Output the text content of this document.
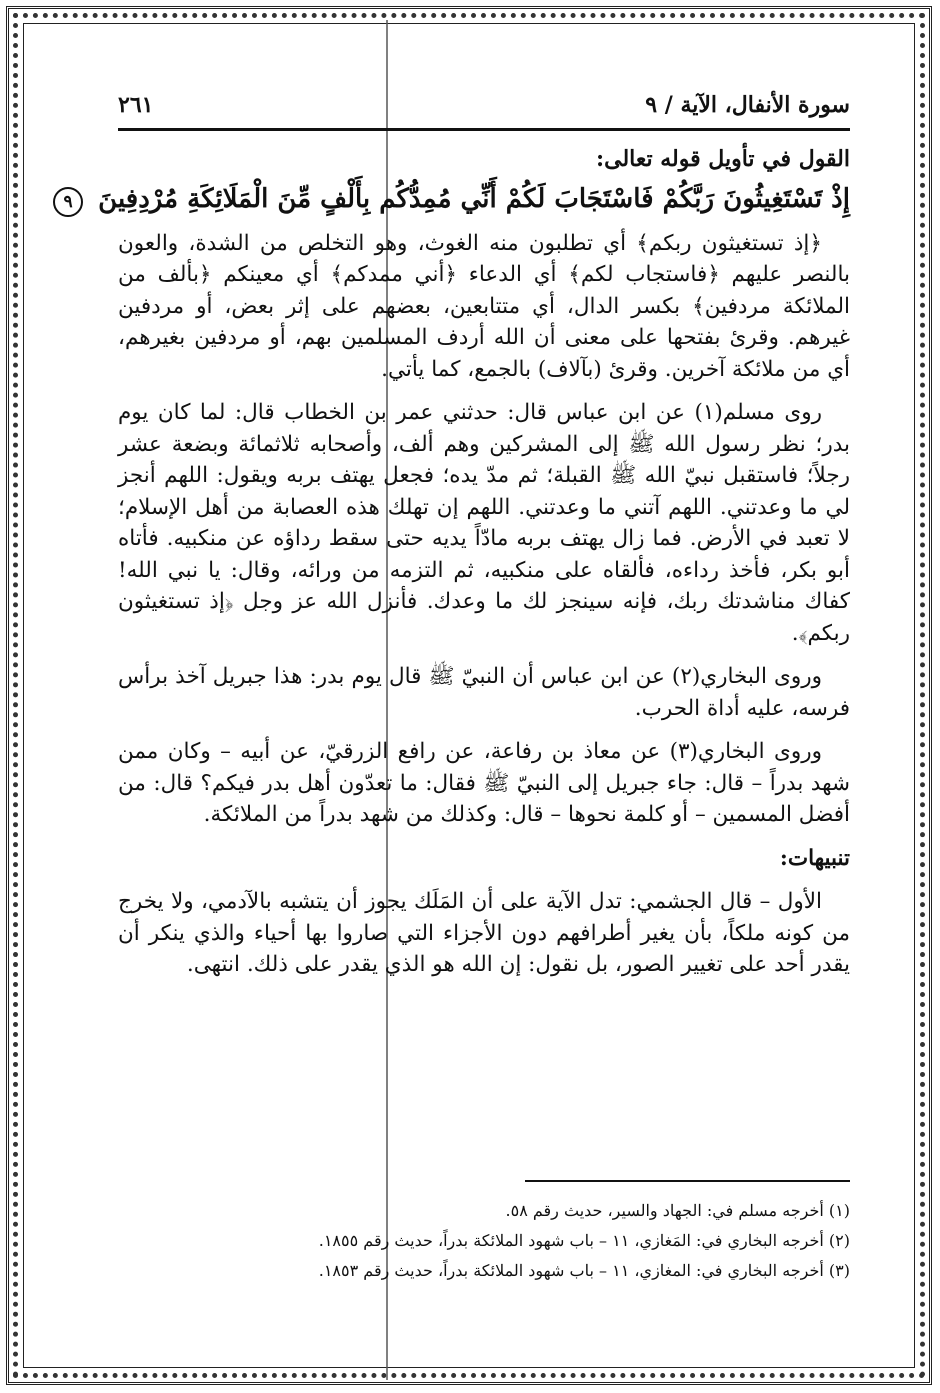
سورة الأنفال، الآية / ٩
٢٦١
القول في تأويل قوله تعالى:
إِذْ تَسْتَغِيثُونَ رَبَّكُمْ فَاسْتَجَابَ لَكُمْ أَنِّي مُمِدُّكُم بِأَلْفٍ مِّنَ الْمَلَائِكَةِ مُرْدِفِينَ ٩

﴿إذ تستغيثون ربكم﴾ أي تطلبون منه الغوث، وهو التخلص من الشدة، والعون بالنصر عليهم ﴿فاستجاب لكم﴾ أي الدعاء ﴿أني ممدكم﴾ أي معينكم ﴿بألف من الملائكة مردفين﴾ بكسر الدال، أي متتابعين، بعضهم على إثر بعض، أو مردفين غيرهم. وقرئ بفتحها على معنى أن الله أردف المسلمين بهم، أو مردفين بغيرهم، أي من ملائكة آخرين. وقرئ (بآلاف) بالجمع، كما يأتي.

روى مسلم(١) عن ابن عباس قال: حدثني عمر بن الخطاب قال: لما كان يوم بدر؛ نظر رسول الله ﷺ إلى المشركين وهم ألف، وأصحابه ثلاثمائة وبضعة عشر رجلاً؛ فاستقبل نبيّ الله ﷺ القبلة؛ ثم مدّ يده؛ فجعل يهتف بربه ويقول: اللهم أنجز لي ما وعدتني. اللهم آتني ما وعدتني. اللهم إن تهلك هذه العصابة من أهل الإسلام؛ لا تعبد في الأرض. فما زال يهتف بربه مادّاً يديه حتى سقط رداؤه عن منكبيه. فأتاه أبو بكر، فأخذ رداءه، فألقاه على منكبيه، ثم التزمه من ورائه، وقال: يا نبي الله! كفاك مناشدتك ربك، فإنه سينجز لك ما وعدك. فأنزل الله عز وجل ﴿إذ تستغيثون ربكم﴾.

وروى البخاري(٢) عن ابن عباس أن النبيّ ﷺ قال يوم بدر: هذا جبريل آخذ برأس فرسه، عليه أداة الحرب.

وروى البخاري(٣) عن معاذ بن رفاعة، عن رافع الزرقيّ، عن أبيه – وكان ممن شهد بدراً – قال: جاء جبريل إلى النبيّ ﷺ فقال: ما تعدّون أهل بدر فيكم؟ قال: من أفضل المسمين – أو كلمة نحوها – قال: وكذلك من شهد بدراً من الملائكة.

تنبيهات:

الأول – قال الجشمي: تدل الآية على أن المَلَك يجوز أن يتشبه بالآدمي، ولا يخرج من كونه ملكاً، بأن يغير أطرافهم دون الأجزاء التي صاروا بها أحياء والذي ينكر أن يقدر أحد على تغيير الصور، بل نقول: إن الله هو الذي يقدر على ذلك. انتهى.

(١) أخرجه مسلم في: الجهاد والسير، حديث رقم ٥٨.
(٢) أخرجه البخاري في: المَغازي، ١١ – باب شهود الملائكة بدراً، حديث رقم ١٨٥٥.
(٣) أخرجه البخاري في: المغازي، ١١ – باب شهود الملائكة بدراً، حديث رقم ١٨٥٣.
